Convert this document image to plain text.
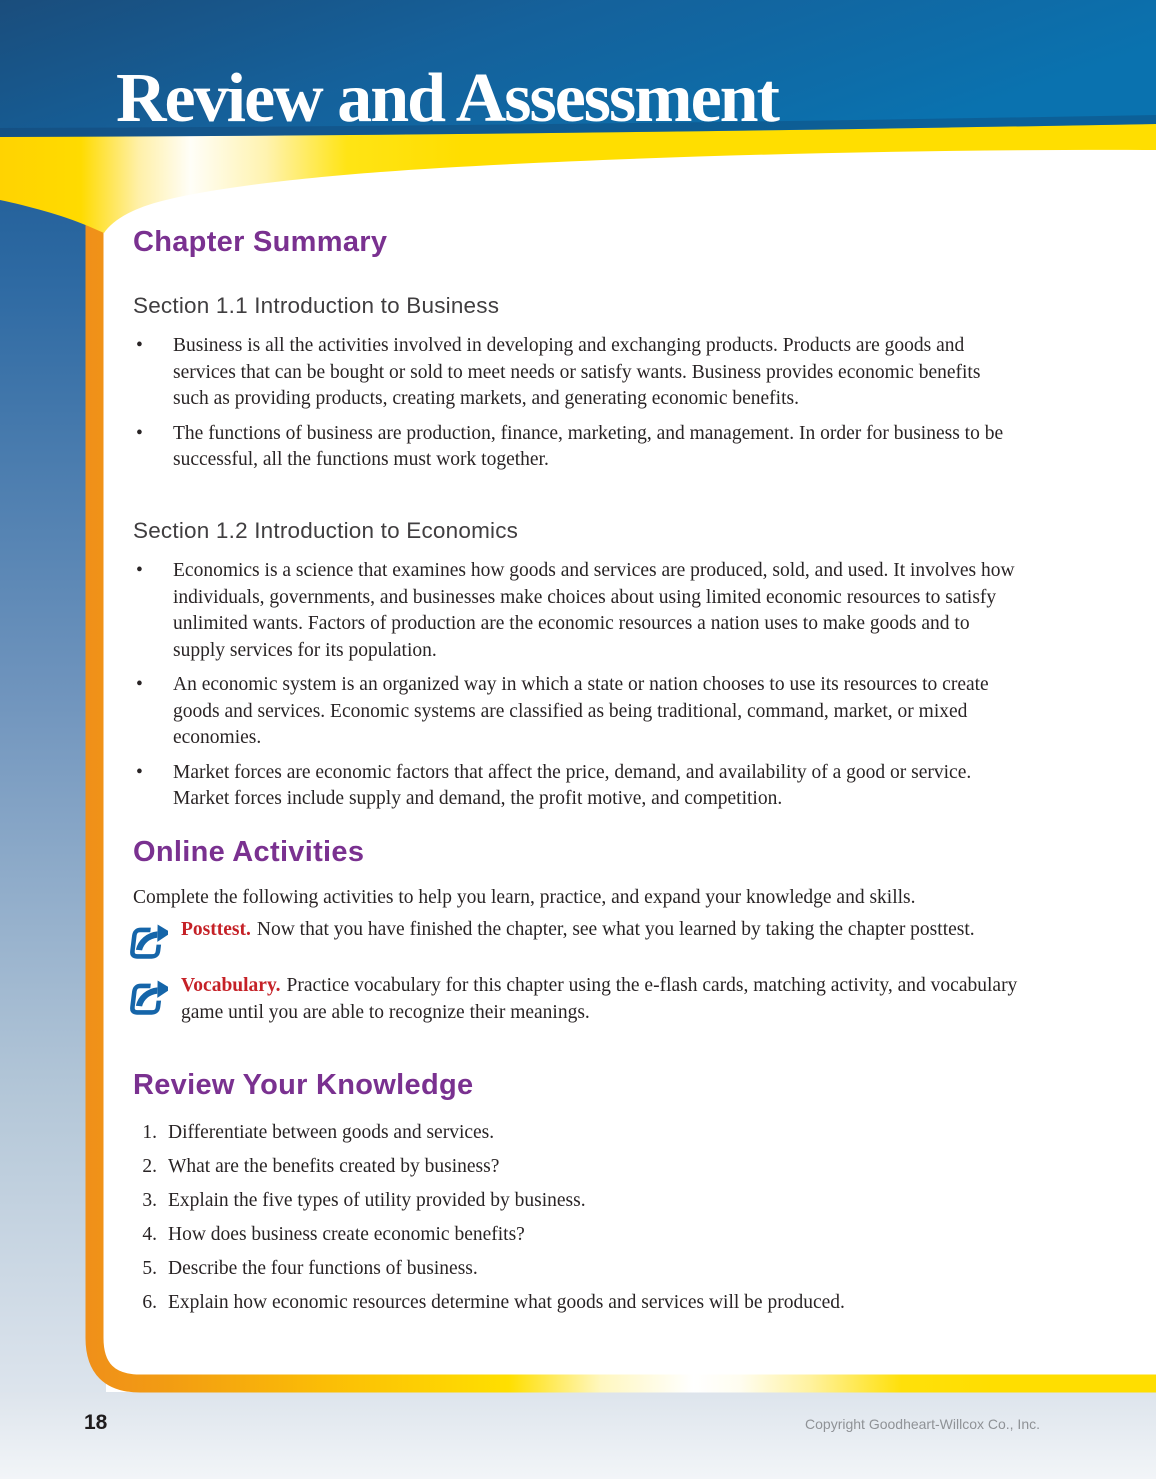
Review and Assessment
Chapter Summary
Section 1.1 Introduction to Business
•	Business is all the activities involved in developing and exchanging products. Products are goods and services that can be bought or sold to meet needs or satisfy wants. Business provides economic benefits such as providing products, creating markets, and generating economic benefits.
•	The functions of business are production, finance, marketing, and management. In order for business to be successful, all the functions must work together.
Section 1.2 Introduction to Economics
•	Economics is a science that examines how goods and services are produced, sold, and used. It involves how individuals, governments, and businesses make choices about using limited economic resources to satisfy unlimited wants. Factors of production are the economic resources a nation uses to make goods and to supply services for its population.
•	An economic system is an organized way in which a state or nation chooses to use its resources to create goods and services. Economic systems are classified as being traditional, command, market, or mixed economies.
•	Market forces are economic factors that affect the price, demand, and availability of a good or service. Market forces include supply and demand, the profit motive, and competition.
Online Activities

Complete the following activities to help you learn, practice, and expand your knowledge and skills.

Posttest. Now that you have finished the chapter, see what you learned by taking the chapter posttest.

Vocabulary. Practice vocabulary for this chapter using the e-flash cards, matching activity, and vocabulary game until you are able to recognize their meanings.

Review Your Knowledge
1. Differentiate between goods and services.
2. What are the benefits created by business?
3. Explain the five types of utility provided by business.
4. How does business create economic benefits?
5. Describe the four functions of business.
6. Explain how economic resources determine what goods and services will be produced.
18	Copyright Goodheart-Willcox Co., Inc.
